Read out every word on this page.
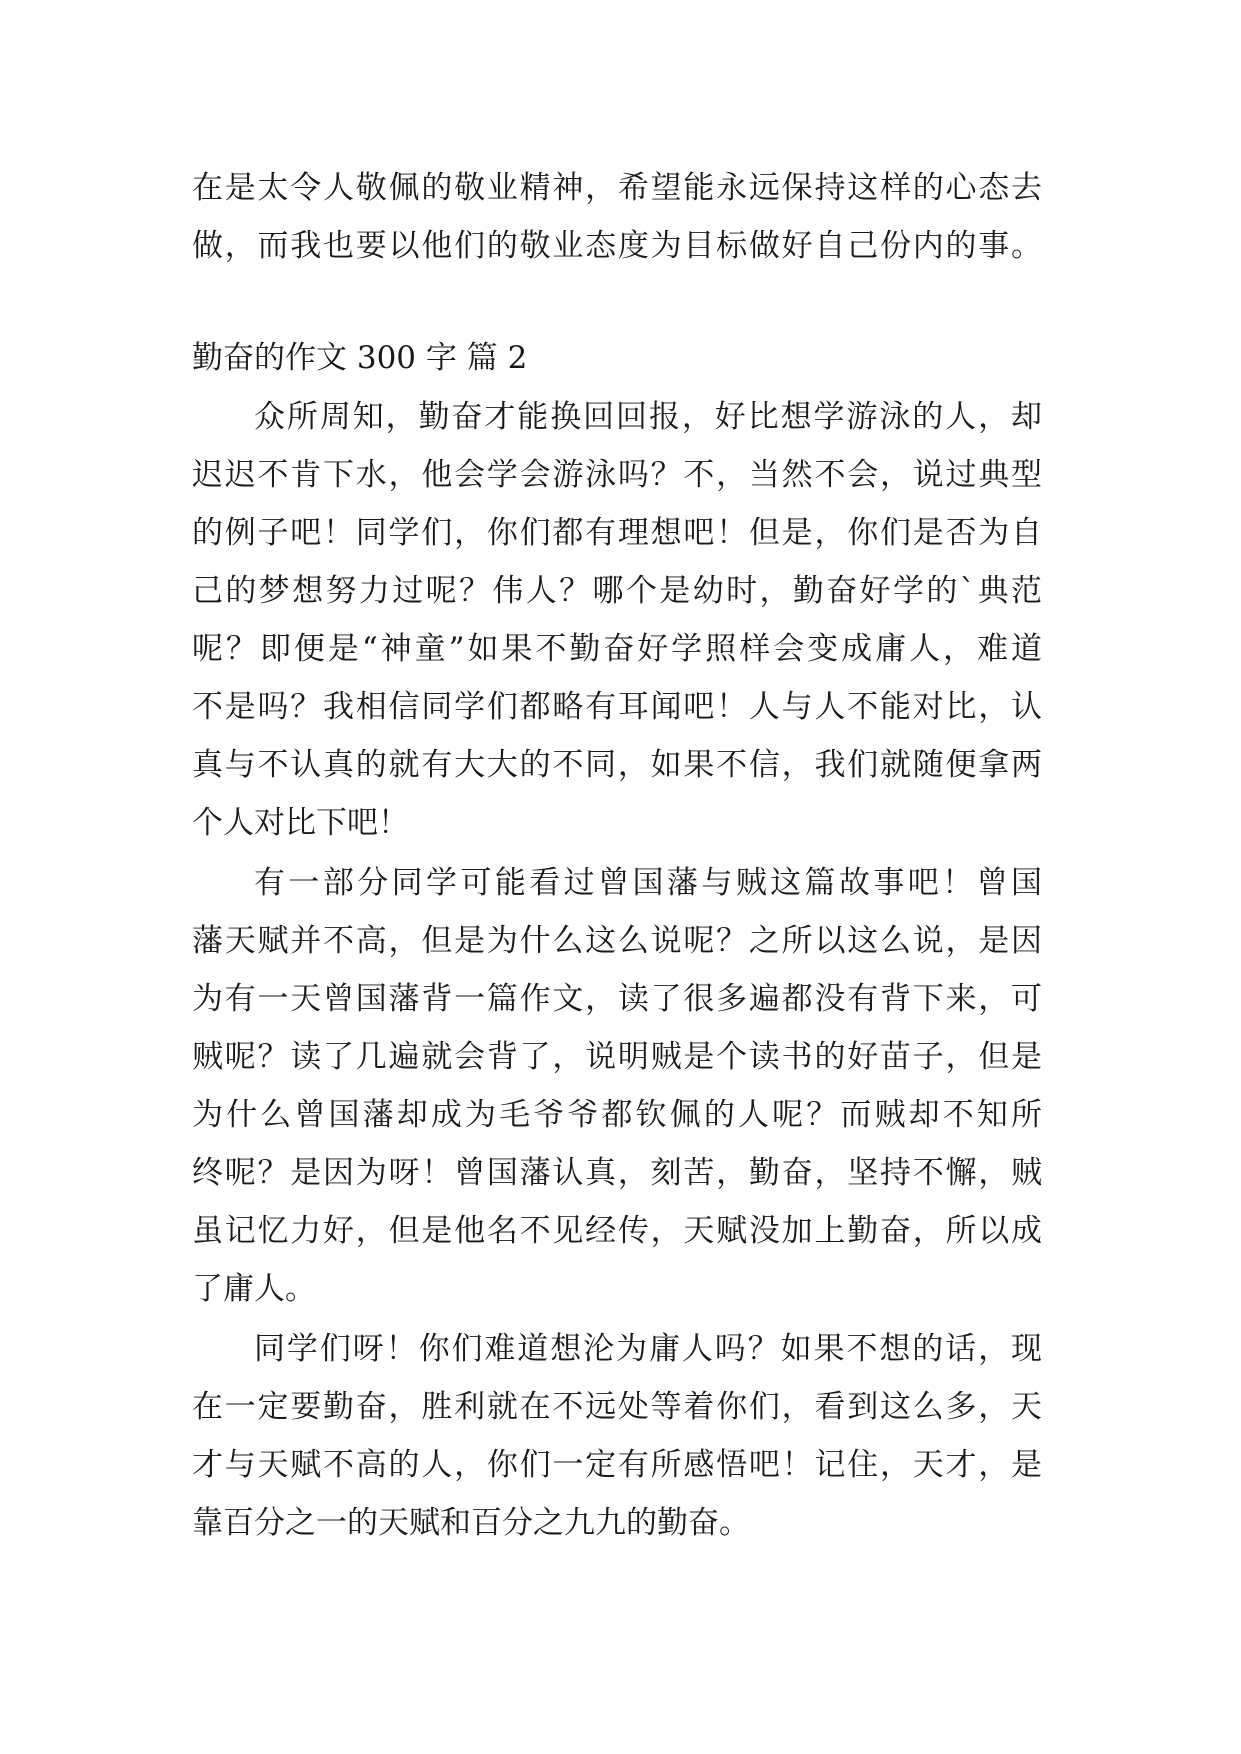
在是太令人敬佩的敬业精神，希望能永远保持这样的心态去

做，而我也要以他们的敬业态度为目标做好自己份内的事。

勤奋的作文 300 字 篇 2

众所周知，勤奋才能换回回报，好比想学游泳的人，却

迟迟不肯下水，他会学会游泳吗？不，当然不会，说过典型

的例子吧！同学们，你们都有理想吧！但是，你们是否为自

己的梦想努力过呢？伟人？哪个是幼时，勤奋好学的`典范

呢？即便是“神童”如果不勤奋好学照样会变成庸人，难道

不是吗？我相信同学们都略有耳闻吧！人与人不能对比，认

真与不认真的就有大大的不同，如果不信，我们就随便拿两

个人对比下吧！

有一部分同学可能看过曾国藩与贼这篇故事吧！曾国

藩天赋并不高，但是为什么这么说呢？之所以这么说，是因

为有一天曾国藩背一篇作文，读了很多遍都没有背下来，可

贼呢？读了几遍就会背了，说明贼是个读书的好苗子，但是

为什么曾国藩却成为毛爷爷都钦佩的人呢？而贼却不知所

终呢？是因为呀！曾国藩认真，刻苦，勤奋，坚持不懈，贼

虽记忆力好，但是他名不见经传，天赋没加上勤奋，所以成

了庸人。

同学们呀！你们难道想沦为庸人吗？如果不想的话，现

在一定要勤奋，胜利就在不远处等着你们，看到这么多，天

才与天赋不高的人，你们一定有所感悟吧！记住，天才，是

靠百分之一的天赋和百分之九九的勤奋。
